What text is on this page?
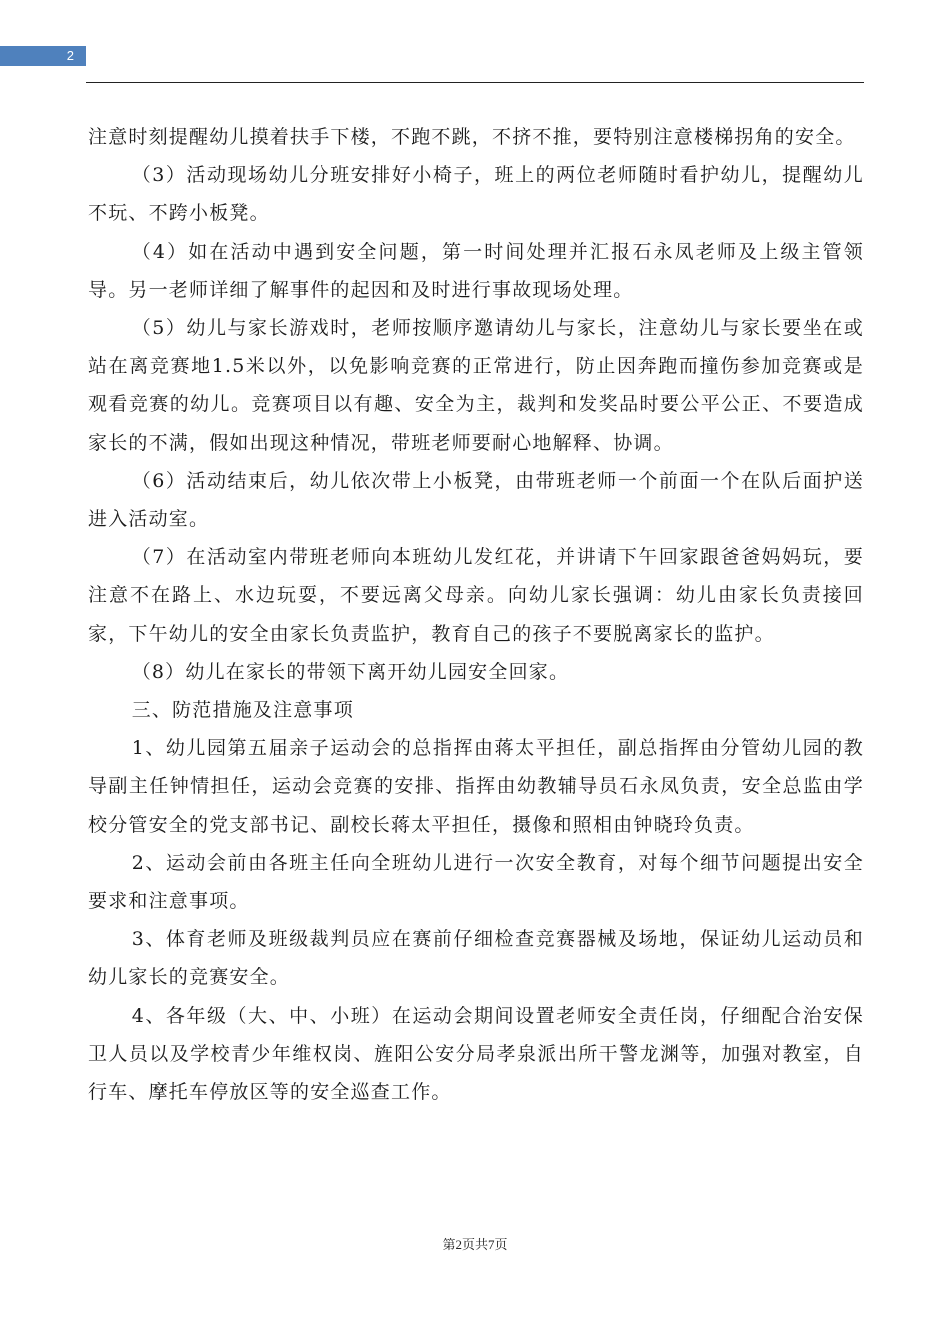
2

注意时刻提醒幼儿摸着扶手下楼，不跑不跳，不挤不推，要特别注意楼梯拐角的安全。

（3）活动现场幼儿分班安排好小椅子，班上的两位老师随时看护幼儿，提醒幼儿不玩、不跨小板凳。

（4）如在活动中遇到安全问题，第一时间处理并汇报石永凤老师及上级主管领导。另一老师详细了解事件的起因和及时进行事故现场处理。

（5）幼儿与家长游戏时，老师按顺序邀请幼儿与家长，注意幼儿与家长要坐在或站在离竞赛地1.5米以外，以免影响竞赛的正常进行，防止因奔跑而撞伤参加竞赛或是观看竞赛的幼儿。竞赛项目以有趣、安全为主，裁判和发奖品时要公平公正、不要造成家长的不满，假如出现这种情况，带班老师要耐心地解释、协调。

（6）活动结束后，幼儿依次带上小板凳，由带班老师一个前面一个在队后面护送进入活动室。

（7）在活动室内带班老师向本班幼儿发红花，并讲请下午回家跟爸爸妈妈玩，要注意不在路上、水边玩耍，不要远离父母亲。向幼儿家长强调：幼儿由家长负责接回家，下午幼儿的安全由家长负责监护，教育自己的孩子不要脱离家长的监护。

（8）幼儿在家长的带领下离开幼儿园安全回家。

三、防范措施及注意事项

1、幼儿园第五届亲子运动会的总指挥由蒋太平担任，副总指挥由分管幼儿园的教导副主任钟情担任，运动会竞赛的安排、指挥由幼教辅导员石永凤负责，安全总监由学校分管安全的党支部书记、副校长蒋太平担任，摄像和照相由钟晓玲负责。

2、运动会前由各班主任向全班幼儿进行一次安全教育，对每个细节问题提出安全要求和注意事项。

3、体育老师及班级裁判员应在赛前仔细检查竞赛器械及场地，保证幼儿运动员和幼儿家长的竞赛安全。

4、各年级（大、中、小班）在运动会期间设置老师安全责任岗，仔细配合治安保卫人员以及学校青少年维权岗、旌阳公安分局孝泉派出所干警龙渊等，加强对教室，自行车、摩托车停放区等的安全巡查工作。

第2页共7页
